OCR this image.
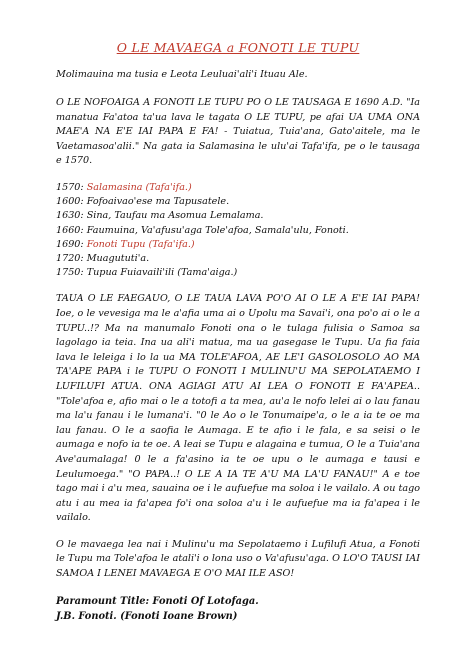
O LE MAVAEGA a FONOTI LE TUPU
Molimauina ma tusia e Leota Leuluai'ali'i Ituau Ale.
O LE NOFOAIGA A FONOTI LE TUPU PO O LE TAUSAGA E 1690 A.D. "Ia manatua Fa'atoa ta'ua lava le tagata O LE TUPU, pe afai UA UMA ONA MAE'A NA E'E IAI PAPA E FA! - Tuiatua, Tuia'ana, Gato'aitele, ma le Vaetamasoa'alii." Na gata ia Salamasina le ulu'ai Tafa'ifa, pe o le tausaga e 1570.
1570: Salamasina (Tafa'ifa.)
1600: Fofoaivao'ese ma Tapusatele.
1630: Sina, Taufau ma Asomua Lemalama.
1660: Faumuina, Va'afusu'aga Tole'afoa, Samala'ulu, Fonoti.
1690: Fonoti Tupu (Tafa'ifa.)
1720: Muagututi'a.
1750: Tupua Fuiavaili'ili (Tama'aiga.)
TAUA O LE FAEGAUO, O LE TAUA LAVA PO'O AI O LE A E'E IAI PAPA! Ioe, o le vevesiga ma le a'afia uma ai o Upolu ma Savai'i, ona po'o ai o le a TUPU..!? Ma na manumalo Fonoti ona o le tulaga fulisia o Samoa sa lagolago ia teia. Ina ua ali'i matua, ma ua gasegase le Tupu. Ua fia faia lava le leleiga i lo la ua MA TOLE'AFOA, AE LE'I GASOLOSOLO AO MA TA'APE PAPA i le TUPU O FONOTI I MULINU'U MA SEPOLATAEMO I LUFILUFI ATUA. ONA AGIAGI ATU AI LEA O FONOTI E FA'APEA.. "Tole'afoa e, afio mai o le a totofi a ta mea, au'a le nofo lelei ai o lau fanau ma la'u fanau i le lumana'i. "0 le Ao o le Tonumaipe'a, o le a ia te oe ma lau fanau. O le a saofia le Aumaga. E te afio i le fala, e sa seisi o le aumaga e nofo ia te oe. A leai se Tupu e alagaina e tumua, O le a Tuia'ana Ave'aumalaga! 0 le a fa'asino ia te oe upu o le aumaga e tausi e Leulumoega." "O PAPA..! O LE A IA TE A'U MA LA'U FANAU!" A e toe tago mai i a'u mea, sauaina oe i le aufuefue ma soloa i le vailalo. A ou tago atu i au mea ia fa'apea fo'i ona soloa a'u i le aufuefue ma ia fa'apea i le vailalo.
O le mavaega lea nai i Mulinu'u ma Sepolataemo i Lufilufi Atua, a Fonoti le Tupu ma Tole'afoa le atali'i o lona uso o Va'afusu'aga. O LO'O TAUSI IAI SAMOA I LENEI MAVAEGA E O'O MAI ILE ASO!
Paramount Title: Fonoti Of Lotofaga.
J.B. Fonoti. (Fonoti Ioane Brown)
